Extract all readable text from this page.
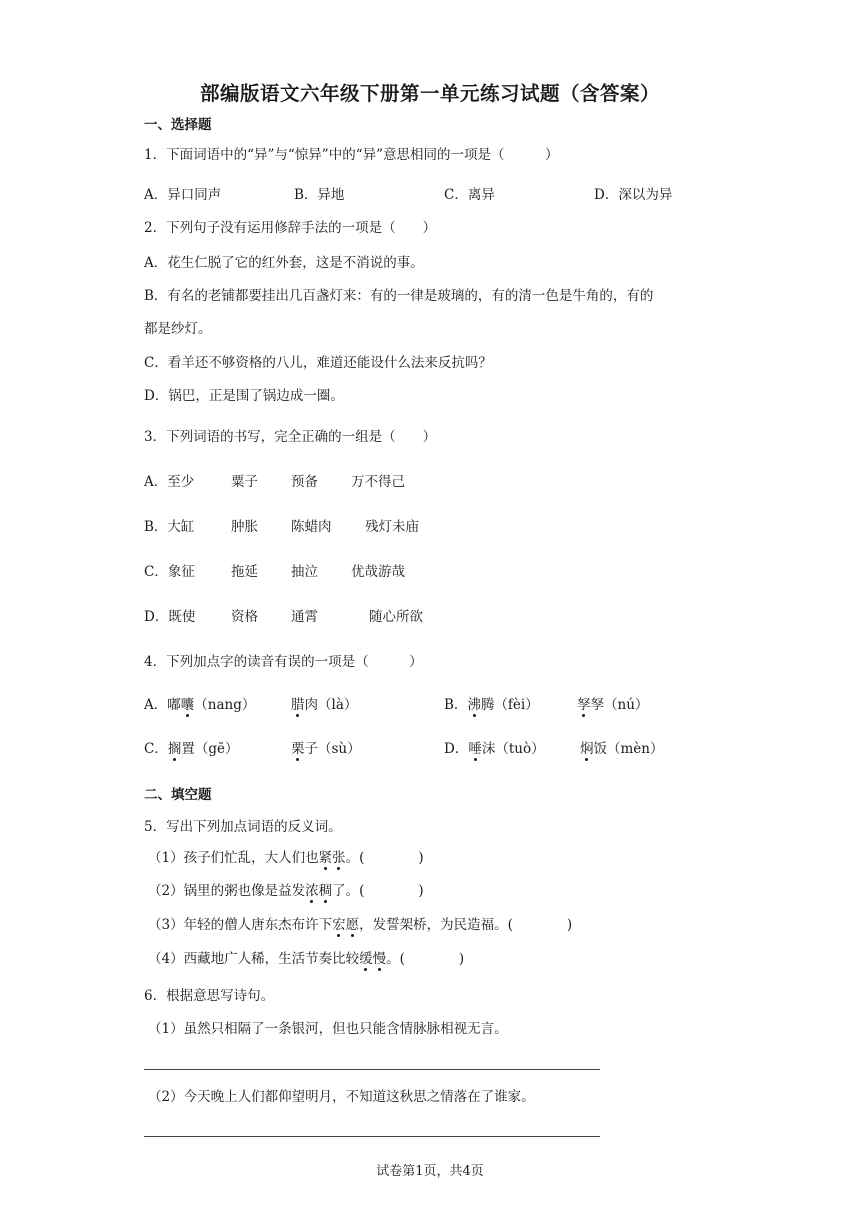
部编版语文六年级下册第一单元练习试题（含答案）
一、选择题
1．下面词语中的“异”与“惊异”中的“异”意思相同的一项是（　　　）
A．异口同声	B．异地	C．离异	D．深以为异
2．下列句子没有运用修辞手法的一项是（　　）
A．花生仁脱了它的红外套，这是不消说的事。
B．有名的老铺都要挂出几百盏灯来：有的一律是玻璃的，有的清一色是牛角的，有的
都是纱灯。
C．看羊还不够资格的八儿，难道还能设什么法来反抗吗？
D．锅巴，正是围了锅边成一圈。
3．下列词语的书写，完全正确的一组是（　　）
A．至少	粟子 预备 万不得己
B．大缸	肿胀 陈蜡肉 残灯未庙
C．象征	拖延 抽泣 优哉游哉
D．既使	资格 通霄	随心所欲
4．下列加点字的读音有误的一项是（　　　）
A．嘟囔（nang）	腊肉（là）	B．沸腾（fèi）	孥孥（nú）
C．搁置（gē）	栗子（sù）	D．唾沫（tuò）	焖饭（mèn）
二、填空题
5．写出下列加点词语的反义词。
（1）孩子们忙乱，大人们也紧张。(　　　　)
（2）锅里的粥也像是益发浓稠了。(　　　　)
（3）年轻的僧人唐东杰布许下宏愿，发誓架桥，为民造福。(　　　　)
（4）西藏地广人稀，生活节奏比较缓慢。(　　　　)
6．根据意思写诗句。
（1）虽然只相隔了一条银河，但也只能含情脉脉相视无言。
（2）今天晚上人们都仰望明月，不知道这秋思之情落在了谁家。
试卷第1页，共4页
